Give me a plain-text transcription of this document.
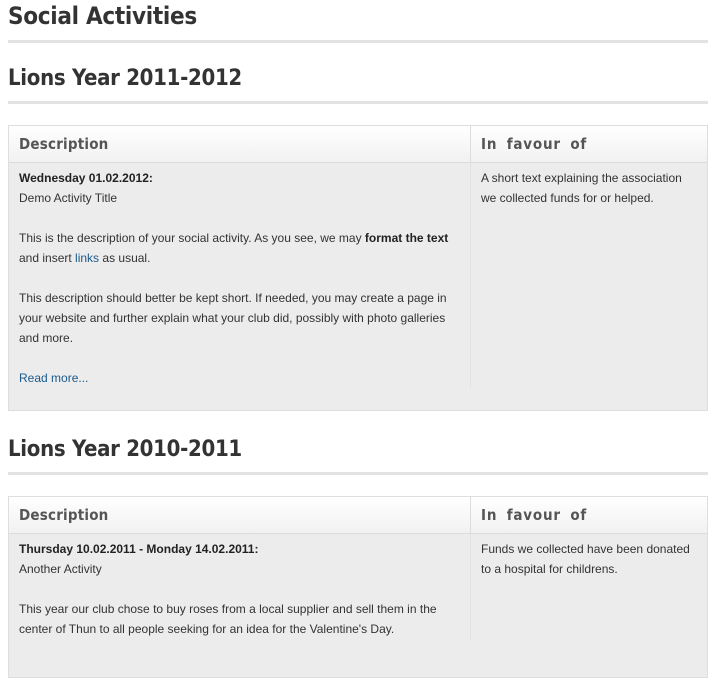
Social Activities
Lions Year 2011-2012
Description	In favour of

Wednesday 01.02.2012:

Demo Activity Title

This is the description of your social activity. As you see, we may format the text and insert links as usual.

This description should better be kept short. If needed, you may create a page in your website and further explain what your club did, possibly with photo galleries and more.

Read more...

A short text explaining the association we collected funds for or helped.
Lions Year 2010-2011
Description	In favour of

Thursday 10.02.2011 - Monday 14.02.2011:

Another Activity

This year our club chose to buy roses from a local supplier and sell them in the center of Thun to all people seeking for an idea for the Valentine's Day.

Funds we collected have been donated to a hospital for childrens.
